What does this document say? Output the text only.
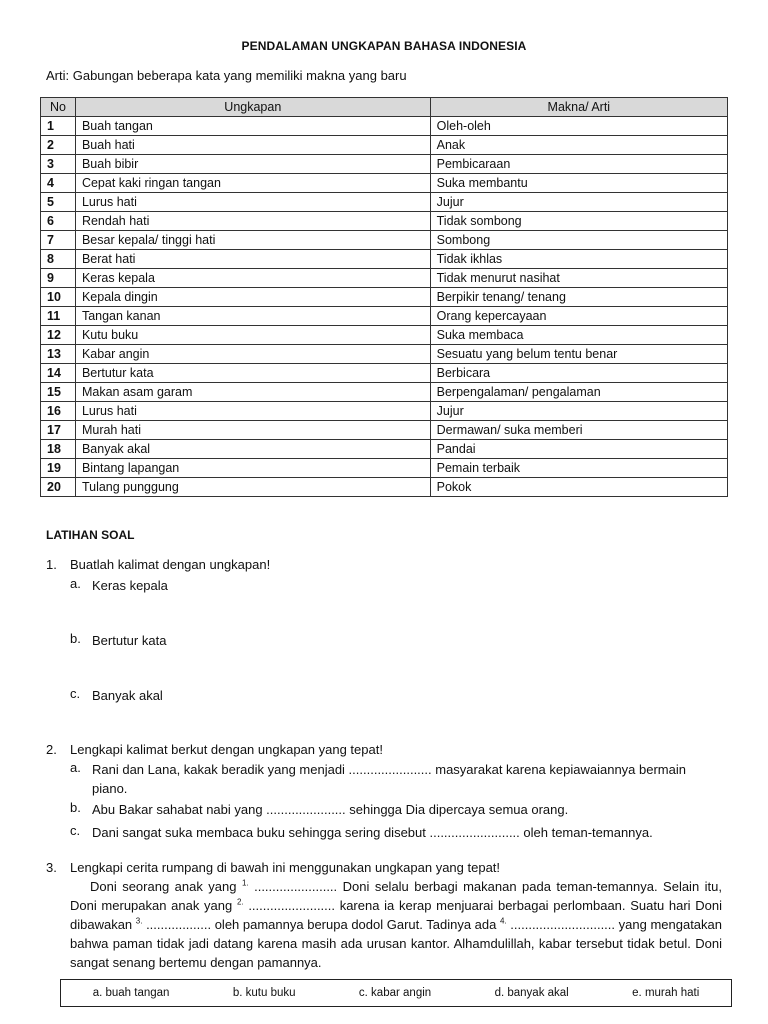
PENDALAMAN UNGKAPAN BAHASA INDONESIA
Arti: Gabungan beberapa kata yang memiliki makna yang baru
No	Ungkapan	Makna/ Arti
1	Buah tangan	Oleh-oleh
2	Buah hati	Anak
3	Buah bibir	Pembicaraan
4	Cepat kaki ringan tangan	Suka membantu
5	Lurus hati	Jujur
6	Rendah hati	Tidak sombong
7	Besar kepala/ tinggi hati	Sombong
8	Berat hati	Tidak ikhlas
9	Keras kepala	Tidak menurut nasihat
10	Kepala dingin	Berpikir tenang/ tenang
11	Tangan kanan	Orang kepercayaan
12	Kutu buku	Suka membaca
13	Kabar angin	Sesuatu yang belum tentu benar
14	Bertutur kata	Berbicara
15	Makan asam garam	Berpengalaman/ pengalaman
16	Lurus hati	Jujur
17	Murah hati	Dermawan/ suka memberi
18	Banyak akal	Pandai
19	Bintang lapangan	Pemain terbaik
20	Tulang punggung	Pokok
LATIHAN SOAL
1. Buatlah kalimat dengan ungkapan!
a. Keras kepala
b. Bertutur kata
c. Banyak akal
2. Lengkapi kalimat berkut dengan ungkapan yang tepat!
a. Rani dan Lana, kakak beradik yang menjadi ....................... masyarakat karena kepiawaiannya bermain piano.
b. Abu Bakar sahabat nabi yang ...................... sehingga Dia dipercaya semua orang.
c. Dani sangat suka membaca buku sehingga sering disebut ......................... oleh teman-temannya.
3. Lengkapi cerita rumpang di bawah ini menggunakan ungkapan yang tepat!
Doni seorang anak yang $^{1.}$ ....................... Doni selalu berbagi makanan pada teman-temannya. Selain itu, Doni merupakan anak yang $^{2.}$ ........................ karena ia kerap menjuarai berbagai perlombaan. Suatu hari Doni dibawakan $^{3.}$ .................. oleh pamannya berupa dodol Garut. Tadinya ada $^{4.}$ ............................. yang mengatakan bahwa paman tidak jadi datang karena masih ada urusan kantor. Alhamdulillah, kabar tersebut tidak betul. Doni sangat senang bertemu dengan pamannya.
a. buah tangan	b. kutu buku	c. kabar angin	d. banyak akal	e. murah hati
